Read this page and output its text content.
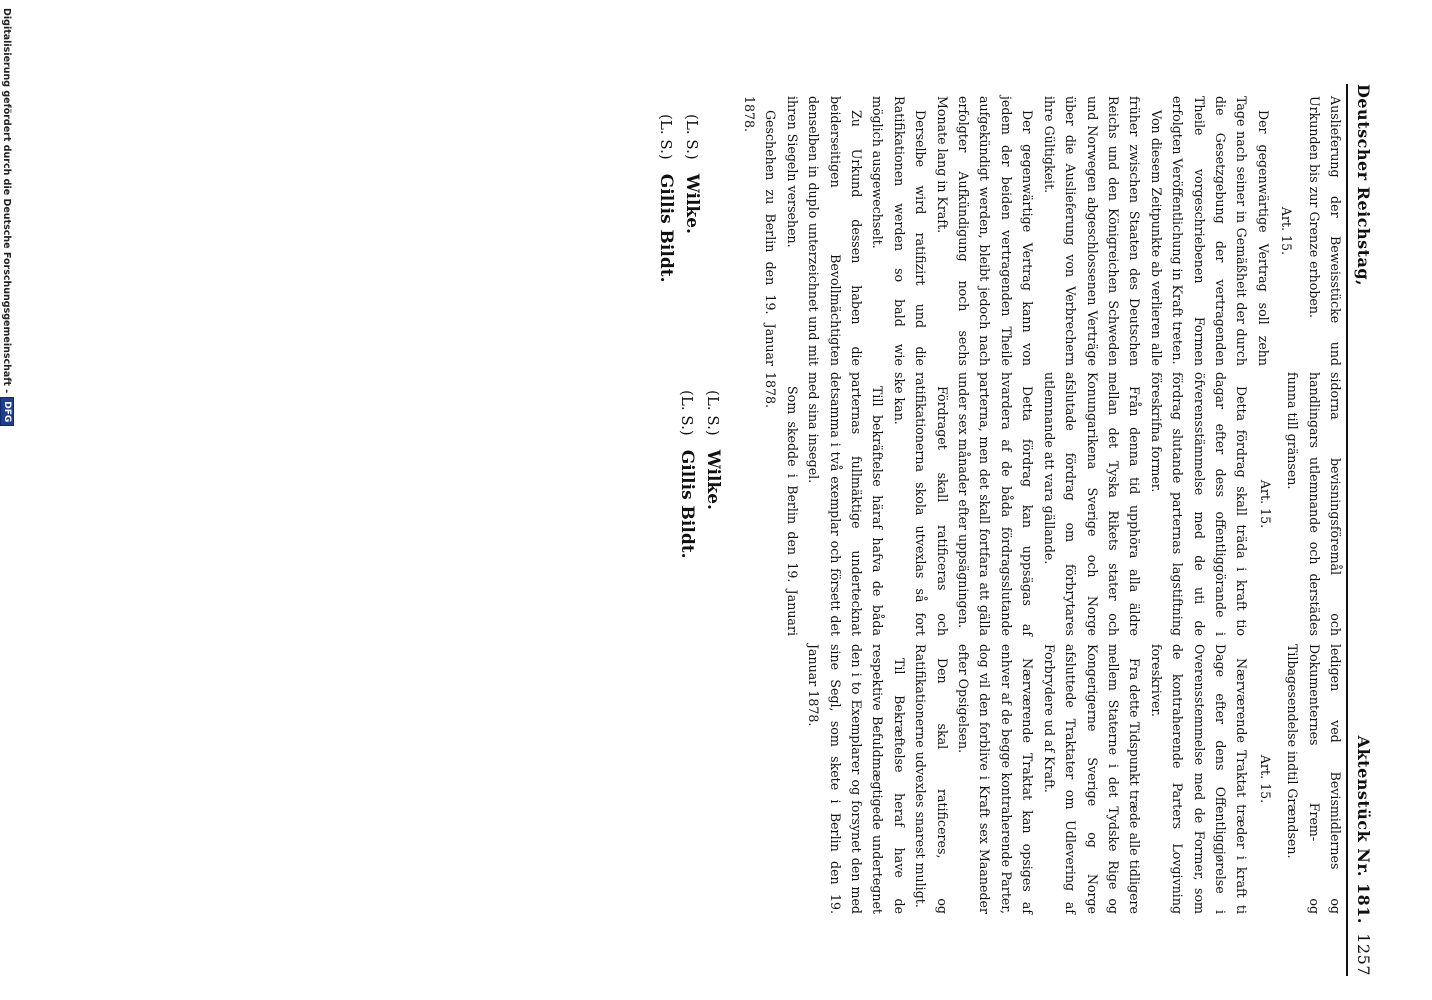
Deutscher Reichstag,
Aktenstück Nr. 181.
1257

Auslieferung der Beweisstücke und Urkunden bis zur Grenze erhoben.

Art. 15.

Der gegenwärtige Vertrag soll zehn Tage nach seiner in Gemäßheit der durch die Gesetzgebung der vertragenden Theile vorgeschriebenen Formen erfolgten Veröffentlichung in Kraft treten.

Von diesem Zeitpunkte ab verlieren alle früher zwischen Staaten des Deutschen Reichs und den Königreichen Schweden und Norwegen abgeschlossenen Verträge über die Auslieferung von Verbrechern ihre Gültigkeit.

Der gegenwärtige Vertrag kann von jedem der beiden vertragenden Theile aufgekündigt werden, bleibt jedoch nach erfolgter Aufkündigung noch sechs Monate lang in Kraft.

Derselbe wird ratifizirt und die Ratifikationen werden so bald wie möglich ausgewechselt.

Zu Urkund dessen haben die beiderseitigen Bevollmächtigten denselben in duplo unterzeichnet und mit ihren Siegeln versehen.

Geschehen zu Berlin den 19. Januar 1878.

(L. S.)Wilke.
(L. S.)Gillis Bildt.

sidorna bevisningsföremål och handlingars utlemnande och derstädes funna till gränsen.

Art. 15.

Detta fördrag skall träda i kraft tio dagar efter dess offentliggörande i öfverensstämmelse med de uti de fördrag slutande parternas lagstiftning föreskrifna former.

Från denna tid upphöra alla äldre mellan det Tyska Rikets stater och Konungarikena Sverige och Norge afslutade fördrag om förbrytares utlemnande att vara gällande.

Detta fördrag kan uppsägas af hvardera af de båda fördragsslutande parterna, men det skall fortfara att gälla under sex månader efter uppsägningen.

Fördraget skall ratificeras och ratifikationerna skola utvexlas så fort ske kan.

Till bekräftelse häraf hafva de båda parternas fullmäktige undertecknat detsamma i två exemplar och försett det med sina insegel.

Som skedde i Berlin den 19. Januari 1878.

(L. S.)Wilke.
(L. S.)Gillis Bildt.

ledigen ved Bevismidlernes og Dokumenternes Frem- og Tilbagesendelse indtil Grændsen.

Art. 15.

Nærværende Traktat træder i kraft ti Dage efter dens Offentliggjørelse i Overensstemmelse med de Former, som de kontraherende Parters Lovgivning foreskriver.

Fra dette Tidspunkt træde alle tidligere mellem Staterne i det Tydske Rige og Kongerigerne Sverige og Norge afsluttede Traktater om Udlevering af Forbrydere ud af Kraft.

Nærværende Traktat kan opsiges af enhver af de begge kontraherende Parter, dog vil den forblive i Kraft sex Maaneder efter Opsigelsen.

Den skal ratificeres, og Ratifikationerne udvexles snarest muligt.

Til Bekræftelse heraf have de respektive Befuldmægtigede undertegnet den i to Exemplarer og forsynet den med sine Segl, som skete i Berlin den 19. Januar 1878.

Digitalisierung gefördert durch die Deutsche Forschungsgemeinschaft -
DFG
